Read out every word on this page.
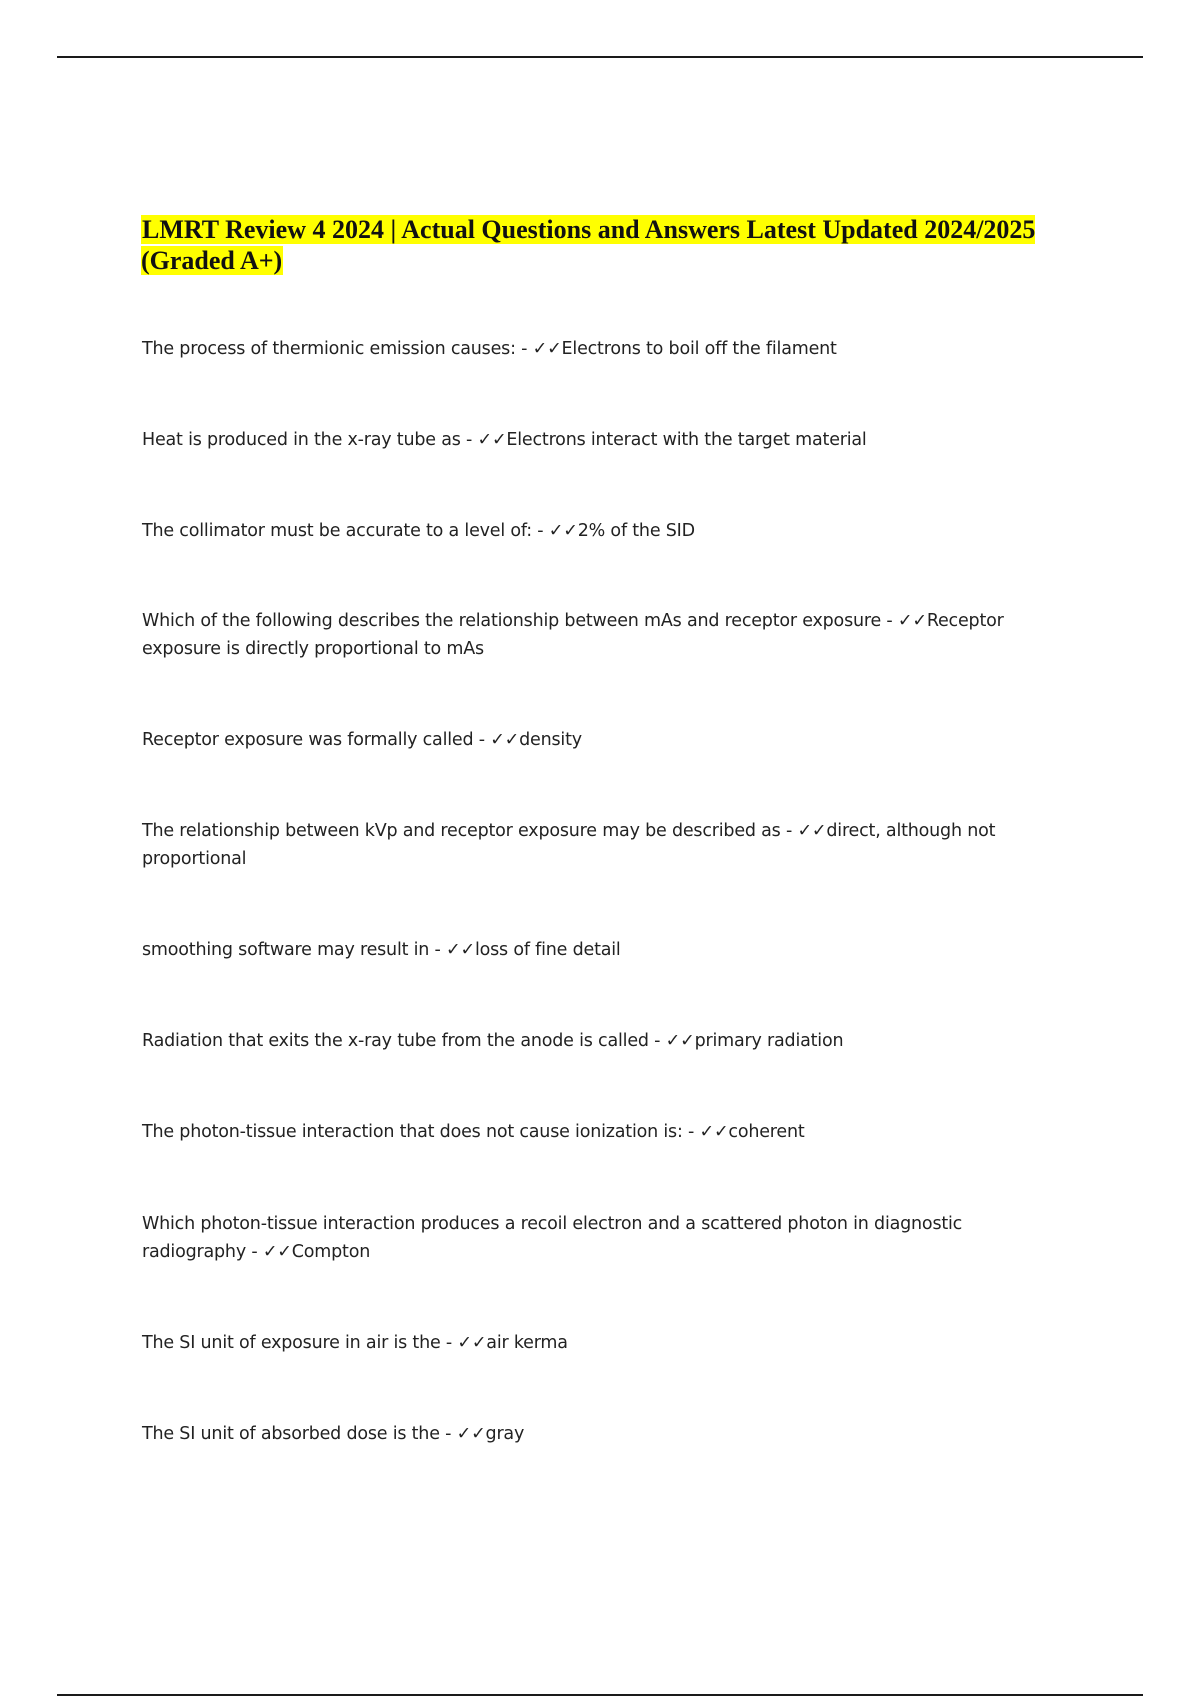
LMRT Review 4 2024 | Actual Questions and Answers Latest Updated 2024/2025 (Graded A+)

The process of thermionic emission causes: - ✓✓Electrons to boil off the filament

Heat is produced in the x-ray tube as - ✓✓Electrons interact with the target material

The collimator must be accurate to a level of: - ✓✓2% of the SID

Which of the following describes the relationship between mAs and receptor exposure - ✓✓Receptor exposure is directly proportional to mAs

Receptor exposure was formally called - ✓✓density

The relationship between kVp and receptor exposure may be described as - ✓✓direct, although not proportional

smoothing software may result in - ✓✓loss of fine detail

Radiation that exits the x-ray tube from the anode is called - ✓✓primary radiation

The photon-tissue interaction that does not cause ionization is: - ✓✓coherent

Which photon-tissue interaction produces a recoil electron and a scattered photon in diagnostic radiography - ✓✓Compton

The SI unit of exposure in air is the - ✓✓air kerma

The SI unit of absorbed dose is the - ✓✓gray
